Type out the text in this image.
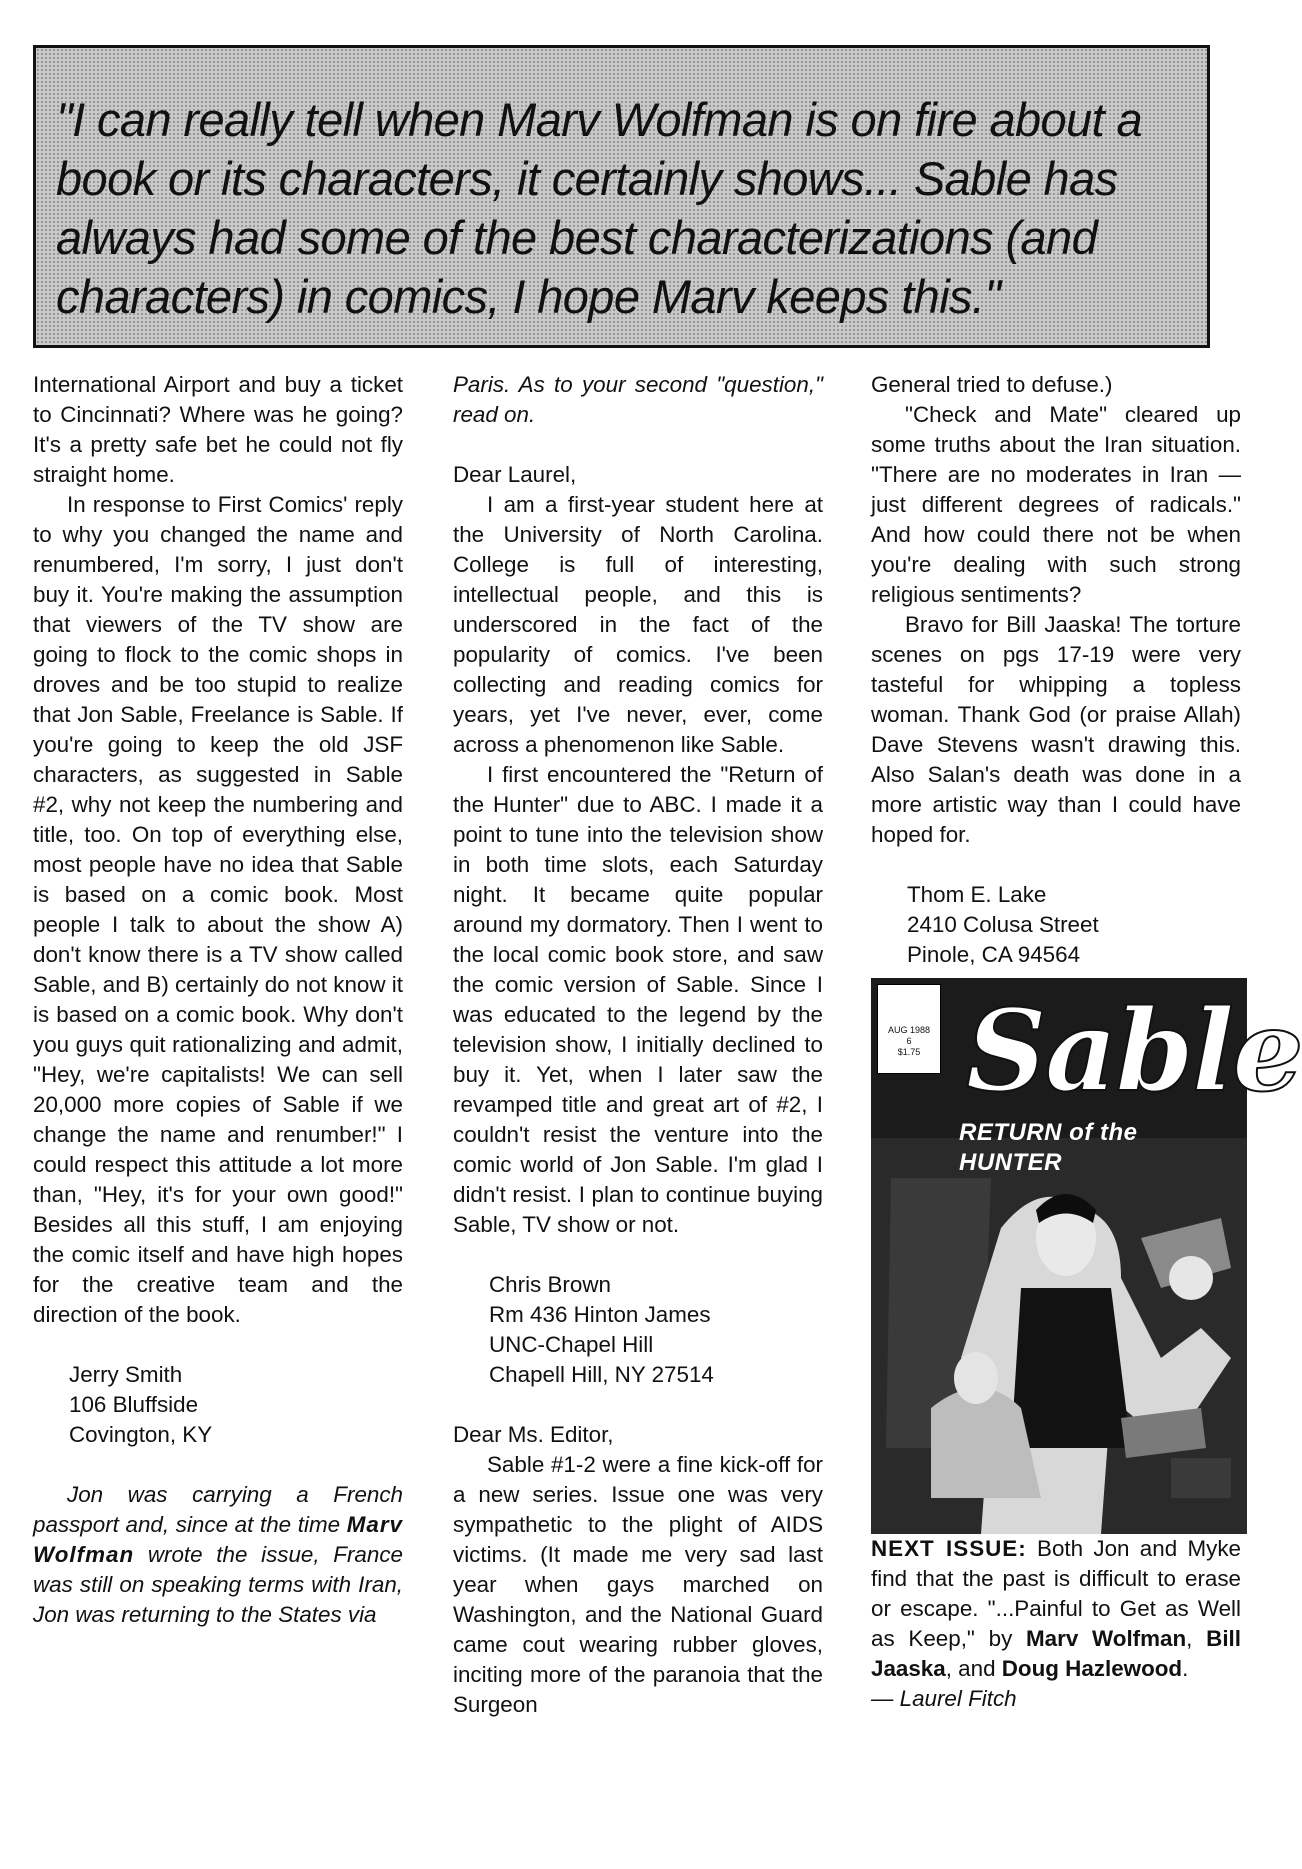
"I can really tell when Marv Wolfman is on fire about a book or its characters, it certainly shows... Sable has always had some of the best characterizations (and characters) in comics, I hope Marv keeps this."

International Airport and buy a ticket to Cincinnati? Where was he going? It's a pretty safe bet he could not fly straight home.

In response to First Comics' reply to why you changed the name and renumbered, I'm sorry, I just don't buy it. You're making the assumption that viewers of the TV show are going to flock to the comic shops in droves and be too stupid to realize that Jon Sable, Freelance is Sable. If you're going to keep the old JSF characters, as suggested in Sable #2, why not keep the numbering and title, too. On top of everything else, most people have no idea that Sable is based on a comic book. Most people I talk to about the show A) don't know there is a TV show called Sable, and B) certainly do not know it is based on a comic book. Why don't you guys quit rationalizing and admit, "Hey, we're capitalists! We can sell 20,000 more copies of Sable if we change the name and renumber!" I could respect this attitude a lot more than, "Hey, it's for your own good!" Besides all this stuff, I am enjoying the comic itself and have high hopes for the creative team and the direction of the book.

Jerry Smith
106 Bluffside
Covington, KY

Jon was carrying a French passport and, since at the time Marv Wolfman wrote the issue, France was still on speaking terms with Iran, Jon was returning to the States via

Paris. As to your second "question," read on.

Dear Laurel,

I am a first-year student here at the University of North Carolina. College is full of interesting, intellectual people, and this is underscored in the fact of the popularity of comics. I've been collecting and reading comics for years, yet I've never, ever, come across a phenomenon like Sable.

I first encountered the "Return of the Hunter" due to ABC. I made it a point to tune into the television show in both time slots, each Saturday night. It became quite popular around my dormatory. Then I went to the local comic book store, and saw the comic version of Sable. Since I was educated to the legend by the television show, I initially declined to buy it. Yet, when I later saw the revamped title and great art of #2, I couldn't resist the venture into the comic world of Jon Sable. I'm glad I didn't resist. I plan to continue buying Sable, TV show or not.

Chris Brown
Rm 436 Hinton James
UNC-Chapel Hill
Chapell Hill, NY 27514

Dear Ms. Editor,

Sable #1-2 were a fine kick-off for a new series. Issue one was very sympathetic to the plight of AIDS victims. (It made me very sad last year when gays marched on Washington, and the National Guard came cout wearing rubber gloves, inciting more of the paranoia that the Surgeon

General tried to defuse.)

"Check and Mate" cleared up some truths about the Iran situation. "There are no moderates in Iran — just different degrees of radicals." And how could there not be when you're dealing with such strong religious sentiments?

Bravo for Bill Jaaska! The torture scenes on pgs 17-19 were very tasteful for whipping a topless woman. Thank God (or praise Allah) Dave Stevens wasn't drawing this. Also Salan's death was done in a more artistic way than I could have hoped for.

Thom E. Lake
2410 Colusa Street
Pinole, CA 94564
AUG 1988
6
$1.75 Sable
RETURN of the HUNTER

NEXT ISSUE: Both Jon and Myke find that the past is difficult to erase or escape. "...Painful to Get as Well as Keep," by Marv Wolfman, Bill Jaaska, and Doug Hazlewood.

— Laurel Fitch
